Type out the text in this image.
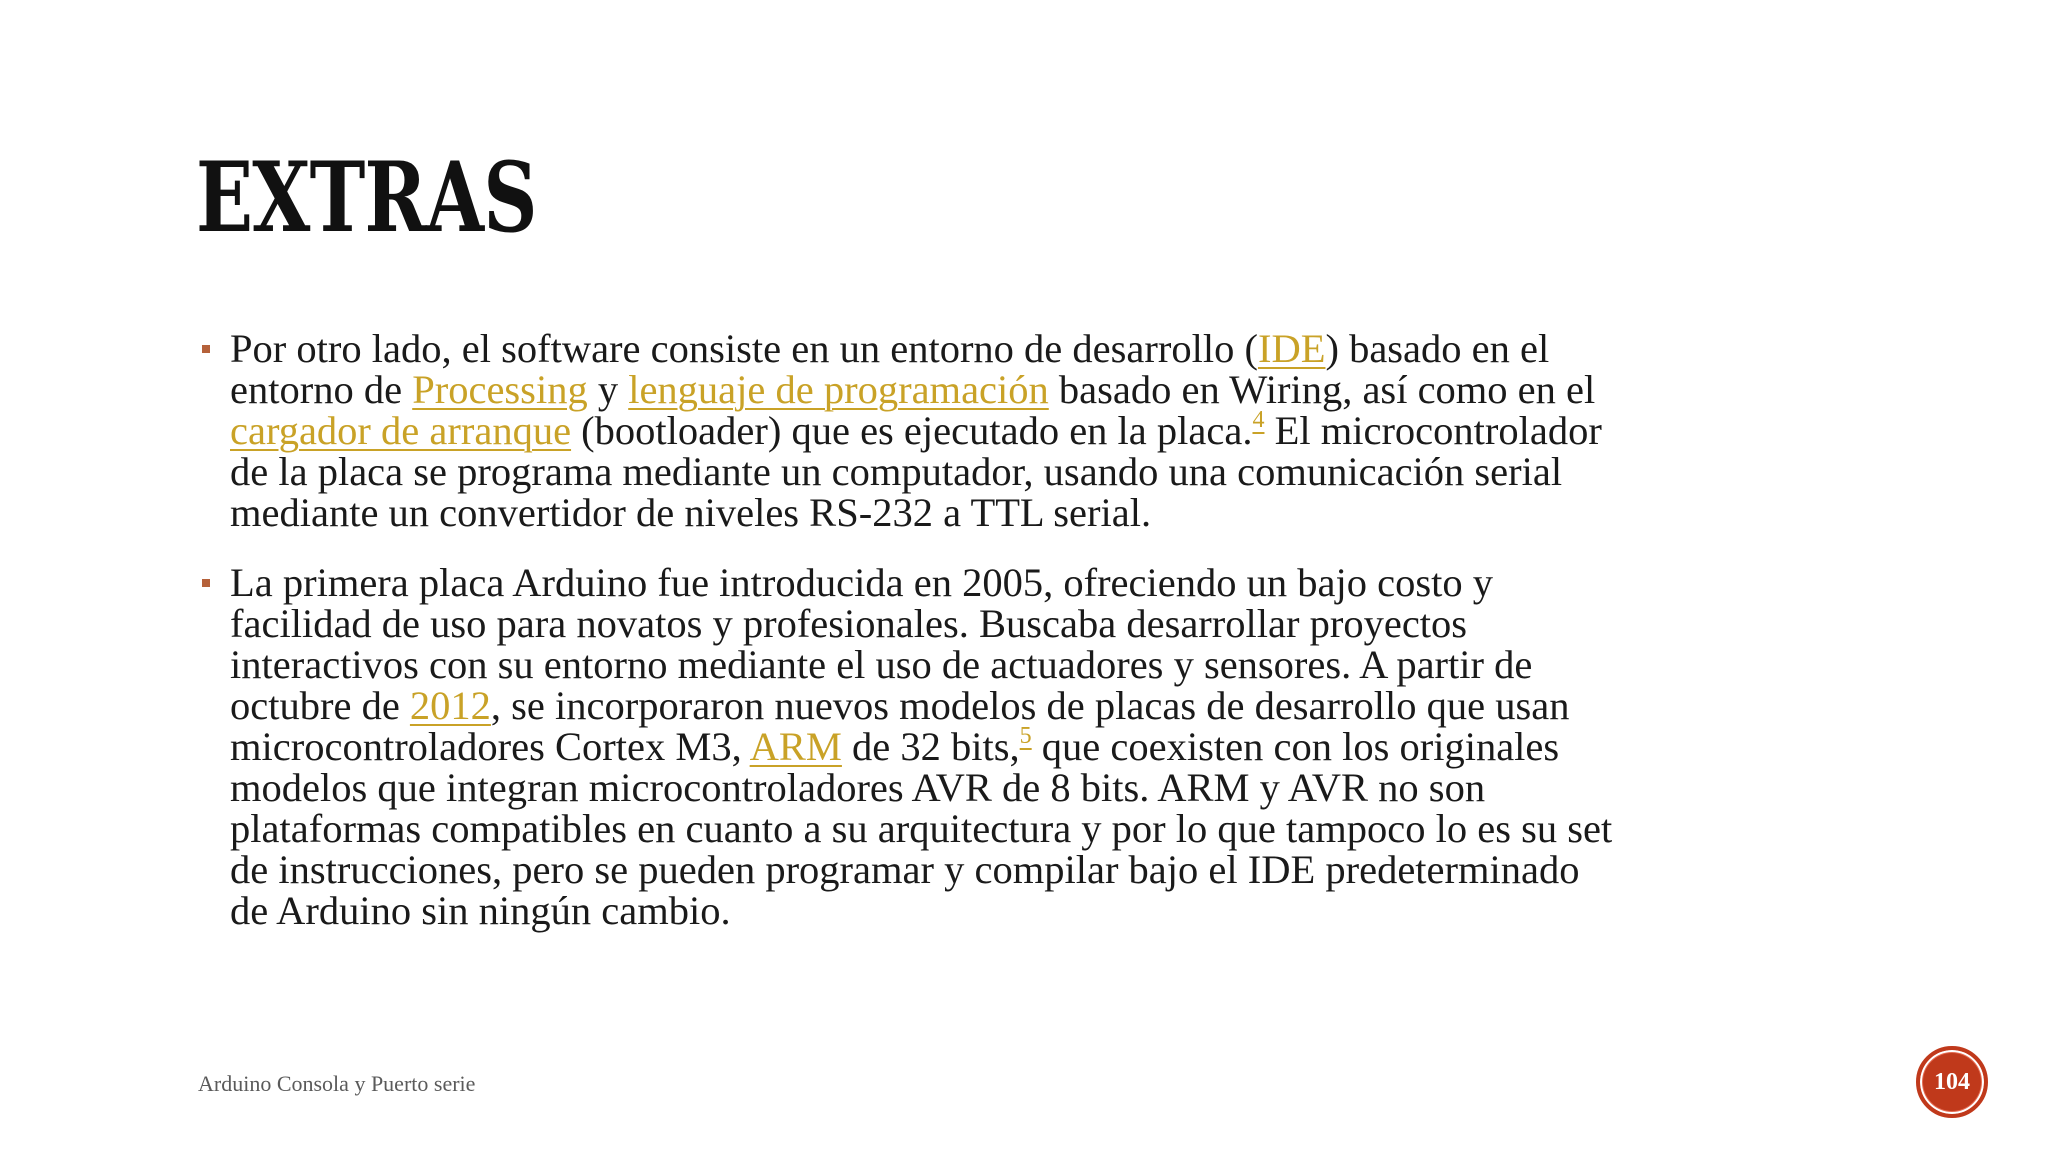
EXTRAS

Por otro lado, el software consiste en un entorno de desarrollo (IDE) basado en el entorno de Processing y lenguaje de programación basado en Wiring, así como en el cargador de arranque (bootloader) que es ejecutado en la placa.$^4$ El microcontrolador de la placa se programa mediante un computador, usando una comunicación serial mediante un convertidor de niveles RS-232 a TTL serial.

La primera placa Arduino fue introducida en 2005, ofreciendo un bajo costo y facilidad de uso para novatos y profesionales. Buscaba desarrollar proyectos interactivos con su entorno mediante el uso de actuadores y sensores. A partir de octubre de 2012, se incorporaron nuevos modelos de placas de desarrollo que usan microcontroladores Cortex M3, ARM de 32 bits,$^5$ que coexisten con los originales modelos que integran microcontroladores AVR de 8 bits. ARM y AVR no son plataformas compatibles en cuanto a su arquitectura y por lo que tampoco lo es su set de instrucciones, pero se pueden programar y compilar bajo el IDE predeterminado de Arduino sin ningún cambio.

Arduino Consola y Puerto serie	104
